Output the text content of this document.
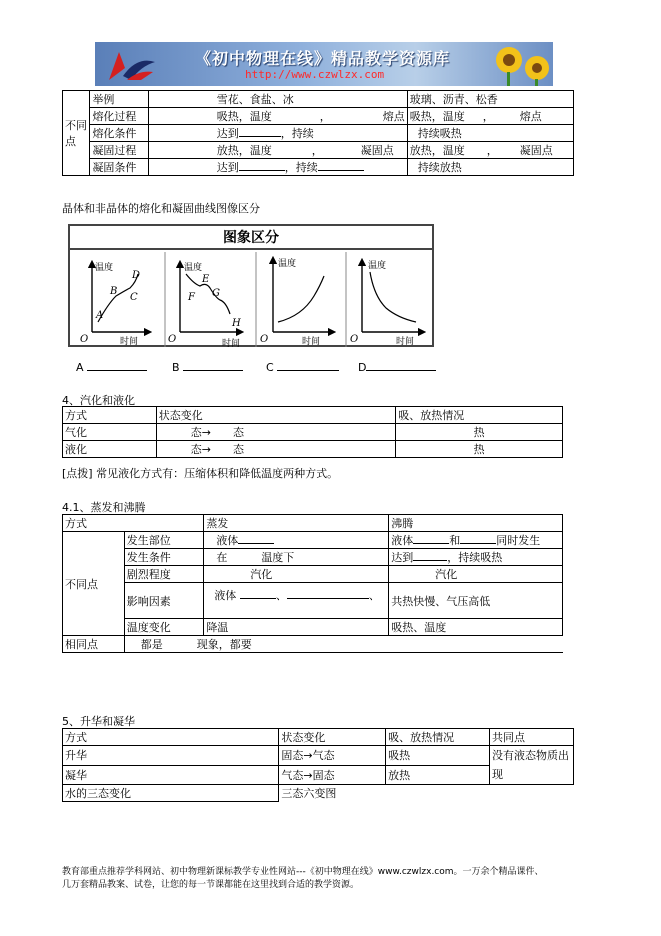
《初中物理在线》精品教学资源库
http://www.czwlzx.com
不同
点	举例	雪花、食盐、冰	玻璃、沥青、松香
	熔化过程	吸热，温度 ， 熔点	吸热，温度 ， 熔点
	熔化条件	达到 ，持续	持续吸热
	凝固过程	放热，温度 ， 凝固点	放热，温度 ， 凝固点
	凝固条件	达到 ，持续	持续放热
晶体和非晶体的熔化和凝固曲线图像区分
图象区分
温度
时间
O
A
B
C
D
温度
时间
O
E
F G
H
温度
时间
O
温度
时间
O
A	B	C	D
4、汽化和液化
方式	状态变化	吸、放热情况
气化	态→ 态	热
液化	态→ 态	热
[点拨] 常见液化方式有：压缩体积和降低温度两种方式。
4.1、蒸发和沸腾
方式		蒸发	沸腾
不同点	发生部位	液体	液体 和 同时发生
	发生条件	在 温度下	达到 ，持续吸热
	剧烈程度	汽化	汽化
	影响因素	液体 、 、	共热快慢、气压高低
	温度变化	降温	吸热、温度
相同点	都是 现象，都要		
5、升华和凝华
方式	状态变化	吸、放热情况	共同点
升华	固态→气态	吸热	没有液态物质出
现
凝华	气态→固态	放热	
水的三态变化	三态六变图		
教育部重点推荐学科网站、初中物理新课标教学专业性网站---《初中物理在线》www.czwlzx.com。一万余个精品课件、
几万套精品教案、试卷，让您的每一节课都能在这里找到合适的教学资源。
